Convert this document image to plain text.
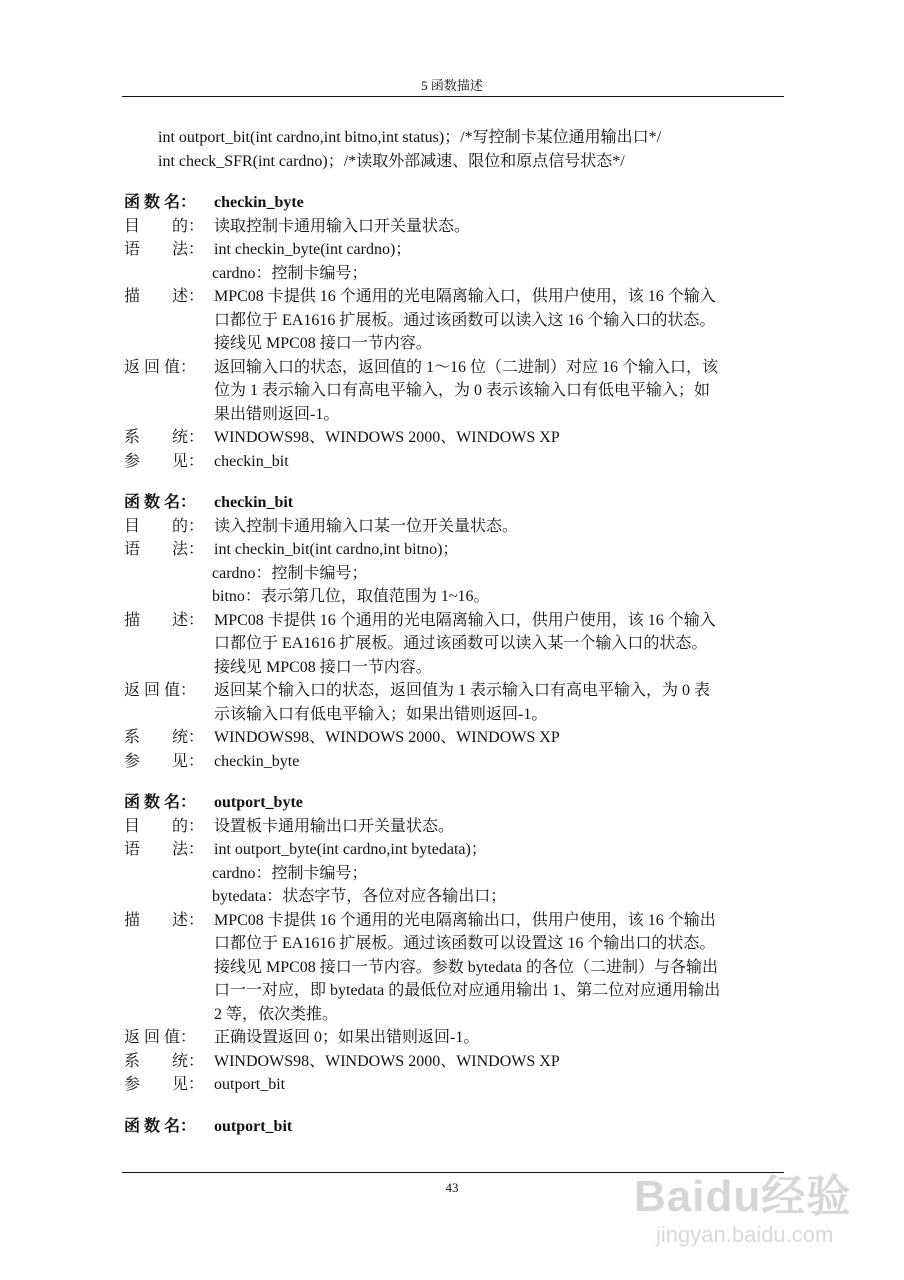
5 函数描述
int outport_bit(int cardno,int bitno,int status)；/*写控制卡某位通用输出口*/
int check_SFR(int cardno)；/*读取外部减速、限位和原点信号状态*/
函 数 名：	checkin_byte
目　　的： 读取控制卡通用输入口开关量状态。
语　　法： int checkin_byte(int cardno)；
cardno：控制卡编号；
描　　述： MPC08 卡提供 16 个通用的光电隔离输入口，供用户使用，该 16 个输入
口都位于 EA1616 扩展板。通过该函数可以读入这 16 个输入口的状态。
接线见 MPC08 接口一节内容。
返 回 值：	返回输入口的状态，返回值的 1～16 位（二进制）对应 16 个输入口，该
位为 1 表示输入口有高电平输入，为 0 表示该输入口有低电平输入；如
果出错则返回-1。
系　　统： WINDOWS98、WINDOWS 2000、WINDOWS XP
参　　见： checkin_bit
函 数 名：	checkin_bit
目　　的： 读入控制卡通用输入口某一位开关量状态。
语　　法： int checkin_bit(int cardno,int bitno)；
cardno：控制卡编号；
bitno：表示第几位，取值范围为 1~16。
描　　述： MPC08 卡提供 16 个通用的光电隔离输入口，供用户使用，该 16 个输入
口都位于 EA1616 扩展板。通过该函数可以读入某一个输入口的状态。
接线见 MPC08 接口一节内容。
返 回 值：	返回某个输入口的状态，返回值为 1 表示输入口有高电平输入，为 0 表
示该输入口有低电平输入；如果出错则返回-1。
系　　统： WINDOWS98、WINDOWS 2000、WINDOWS XP
参　　见： checkin_byte
函 数 名：	outport_byte
目　　的： 设置板卡通用输出口开关量状态。
语　　法： int outport_byte(int cardno,int bytedata)；
cardno：控制卡编号；
bytedata：状态字节，各位对应各输出口；
描　　述： MPC08 卡提供 16 个通用的光电隔离输出口，供用户使用，该 16 个输出
口都位于 EA1616 扩展板。通过该函数可以设置这 16 个输出口的状态。
接线见 MPC08 接口一节内容。参数 bytedata 的各位（二进制）与各输出
口一一对应，即 bytedata 的最低位对应通用输出 1、第二位对应通用输出
2 等，依次类推。
返 回 值：	正确设置返回 0；如果出错则返回-1。
系　　统： WINDOWS98、WINDOWS 2000、WINDOWS XP
参　　见： outport_bit
函 数 名：	outport_bit
43	Baidu经验
jingyan.baidu.com
